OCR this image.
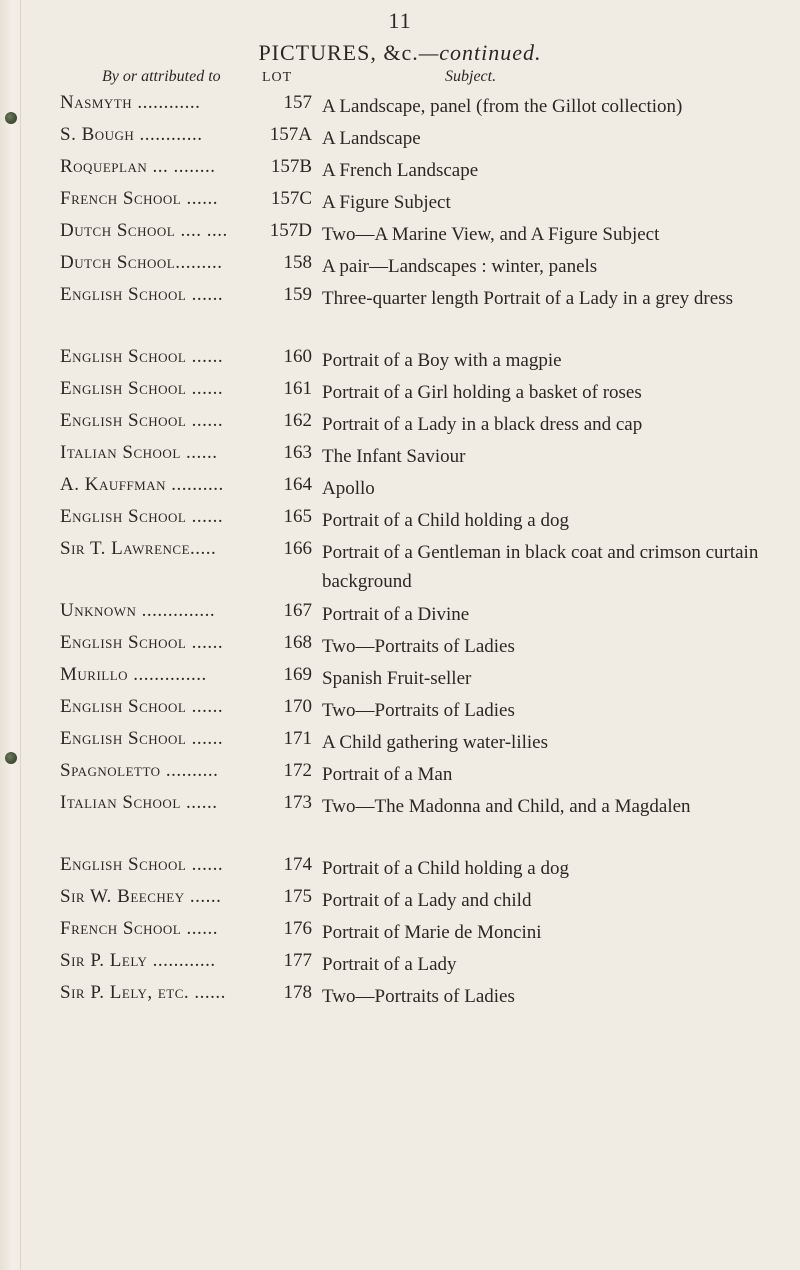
11
PICTURES, &c.—continued.
By or attributed to	LOT	Subject.
Nasmyth ............	157 A Landscape, panel (from the Gillot collection)
S. Bough ............	157A A Landscape
Roqueplan ... ........	157B A French Landscape
French School ......	157C A Figure Subject
Dutch School .... ....	157D Two—A Marine View, and A Figure Subject
Dutch School.........	158 A pair—Landscapes : winter, panels
English School ......	159 Three-quarter length Portrait of a Lady in a grey dress
English School ......	160 Portrait of a Boy with a magpie
English School ......	161 Portrait of a Girl holding a basket of roses
English School ......	162 Portrait of a Lady in a black dress and cap
Italian School ......	163 The Infant Saviour
A. Kauffman ..........	164 Apollo
English School ......	165 Portrait of a Child holding a dog
Sir T. Lawrence.....	166 Portrait of a Gentleman in black coat and crimson curtain background
Unknown ..............	167 Portrait of a Divine
English School ......	168 Two—Portraits of Ladies
Murillo ..............	169 Spanish Fruit-seller
English School ......	170 Two—Portraits of Ladies
English School ......	171 A Child gathering water-lilies
Spagnoletto ..........	172 Portrait of a Man
Italian School ......	173 Two—The Madonna and Child, and a Magdalen
English School ......	174 Portrait of a Child holding a dog
Sir W. Beechey ......	175 Portrait of a Lady and child
French School ......	176 Portrait of Marie de Moncini
Sir P. Lely ............	177 Portrait of a Lady
Sir P. Lely, etc. ......	178 Two—Portraits of Ladies
